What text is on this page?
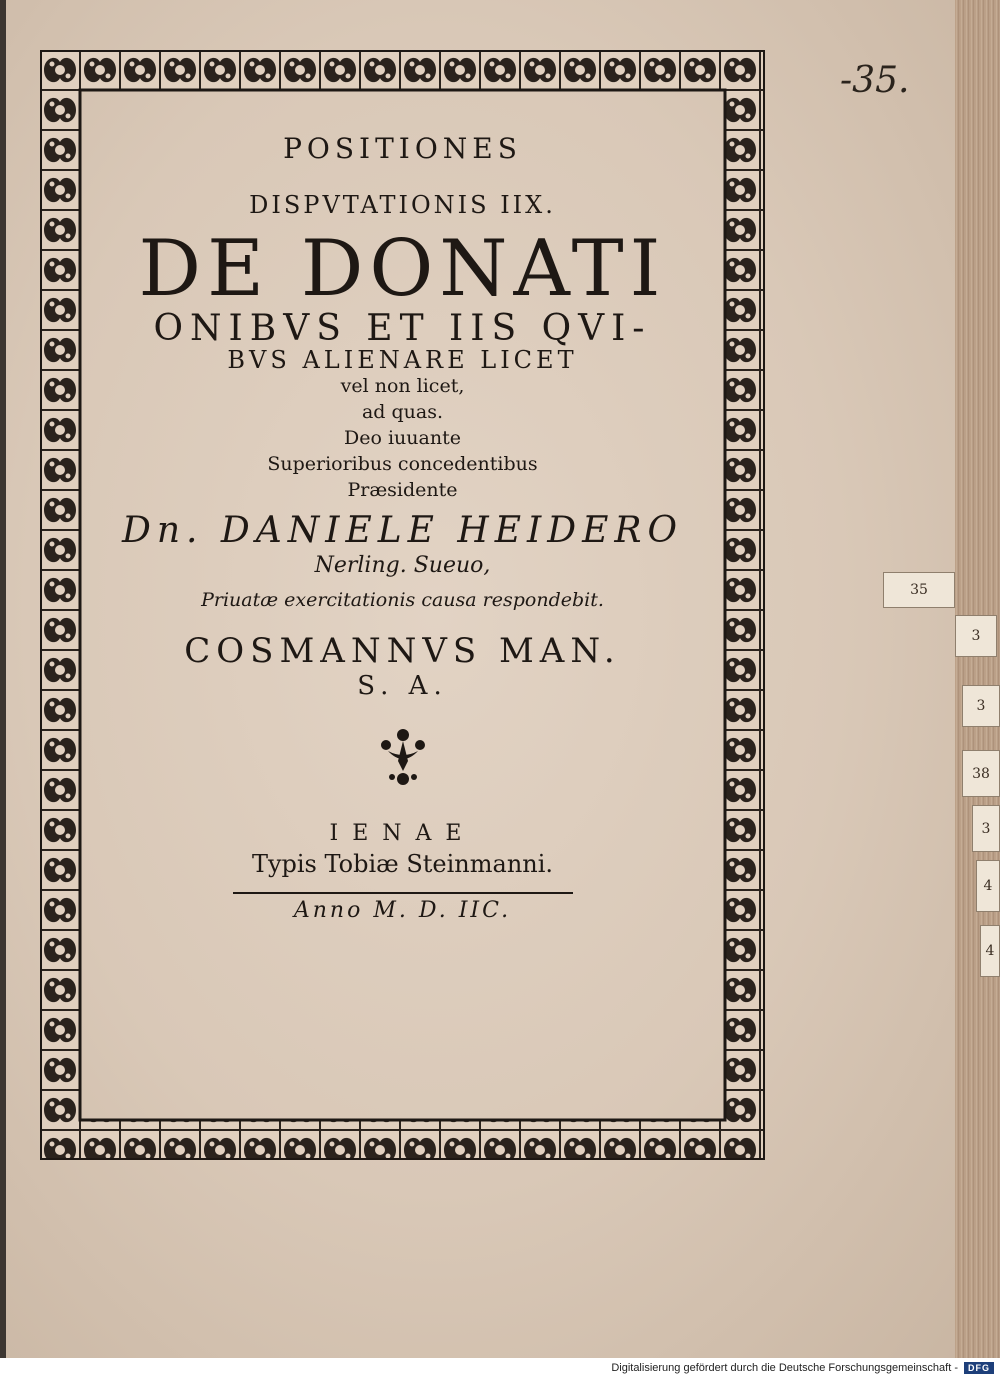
35
3
3
38
3
4
4
POSITIONES
DISPVTATIONIS IIX.
DE DONATI
ONIBVS ET IIS QVI-
BVS ALIENARE LICET
vel non licet,
ad quas.
Deo iuuante
Superioribus concedentibus
Præsidente
Dn. DANIELE HEIDERO
Nerling. Sueuo,
Priuatæ exercitationis causa respondebit.
COSMANNVS MAN.
S. A.
IENAE
Typis Tobiæ Steinmanni.
Anno M. D. IIC.
-35.
Digitalisierung gefördert durch die Deutsche Forschungsgemeinschaft -	DFG
